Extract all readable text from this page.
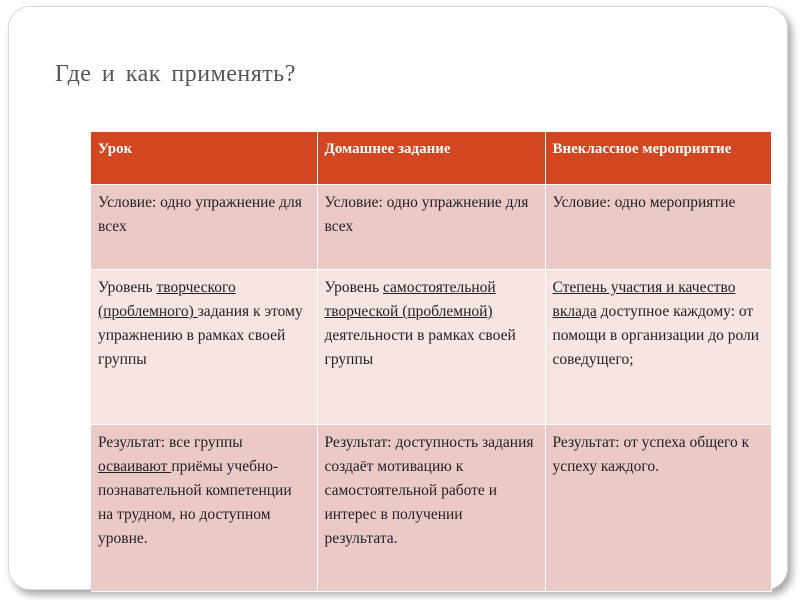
Где и как применять?
Урок	Домашнее задание	Внеклассное мероприятие
Условие: одно упражнение для всех	Условие: одно упражнение для всех	Условие: одно мероприятие
Уровень творческого (проблемного) задания к этому упражнению в рамках своей группы	Уровень самостоятельной творческой (проблемной) деятельности в рамках своей группы	Степень участия и качество вклада доступное каждому: от помощи в организации до роли соведущего;
Результат: все группы осваивают приёмы учебно-познавательной компетенции на трудном, но доступном уровне.	Результат: доступность задания создаёт мотивацию к самостоятельной работе и интерес в получении результата.	Результат: от успеха общего к успеху каждого.
